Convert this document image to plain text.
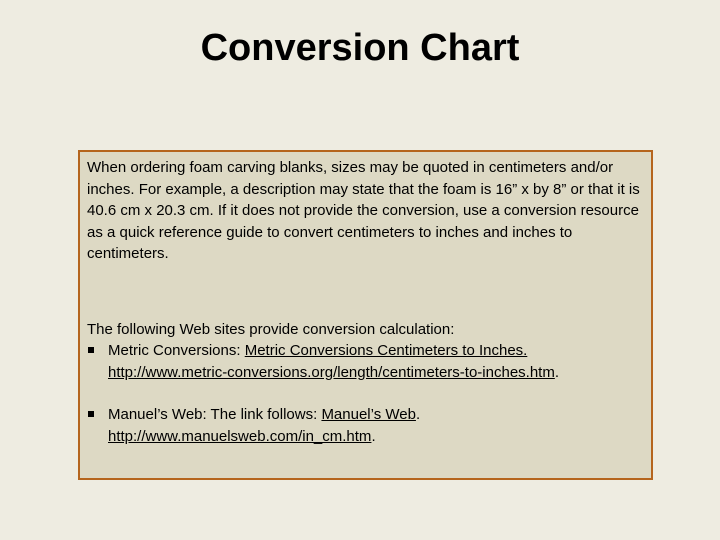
Conversion Chart

When ordering foam carving blanks, sizes may be quoted in centimeters and/or inches. For example, a description may state that the foam is 16” x by 8” or that it is 40.6 cm x 20.3 cm. If it does not provide the conversion, use a conversion resource as a quick reference guide to convert centimeters to inches and inches to centimeters.

The following Web sites provide conversion calculation:

Metric Conversions: Metric Conversions Centimeters to Inches.
http://www.metric-conversions.org/length/centimeters-to-inches.htm.
Manuel’s Web: The link follows: Manuel’s Web.
http://www.manuelsweb.com/in_cm.htm.
